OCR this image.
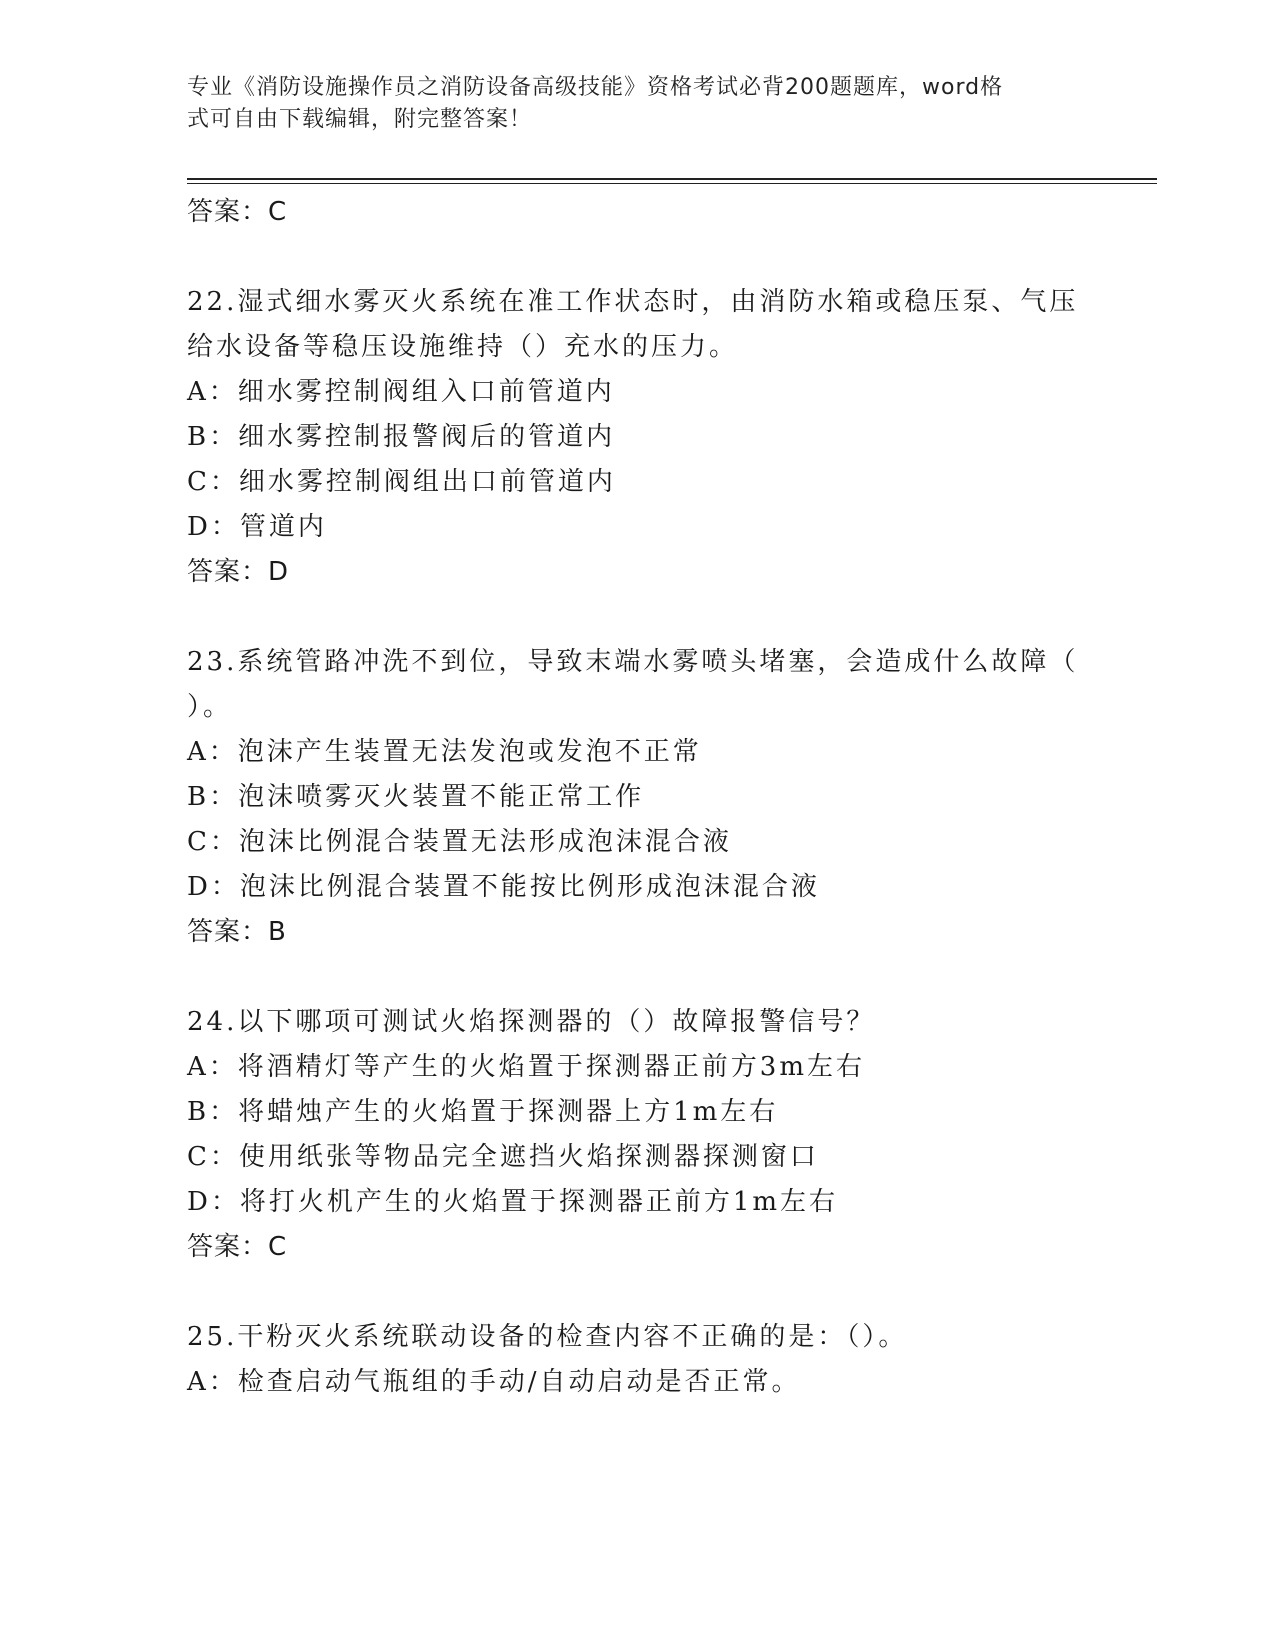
专业《消防设施操作员之消防设备高级技能》资格考试必背200题题库，word格
式可自由下载编辑，附完整答案！
答案：C
22.湿式细水雾灭火系统在准工作状态时，由消防水箱或稳压泵、气压
给水设备等稳压设施维持（）充水的压力。
A：细水雾控制阀组入口前管道内
B：细水雾控制报警阀后的管道内
C：细水雾控制阀组出口前管道内
D：管道内
答案：D
23.系统管路冲洗不到位，导致末端水雾喷头堵塞，会造成什么故障（
）。
A：泡沫产生装置无法发泡或发泡不正常
B：泡沫喷雾灭火装置不能正常工作
C：泡沫比例混合装置无法形成泡沫混合液
D：泡沫比例混合装置不能按比例形成泡沫混合液
答案：B
24.以下哪项可测试火焰探测器的（）故障报警信号？
A：将酒精灯等产生的火焰置于探测器正前方3m左右
B：将蜡烛产生的火焰置于探测器上方1m左右
C：使用纸张等物品完全遮挡火焰探测器探测窗口
D：将打火机产生的火焰置于探测器正前方1m左右
答案：C
25.干粉灭火系统联动设备的检查内容不正确的是：（）。
A：检查启动气瓶组的手动/自动启动是否正常。
